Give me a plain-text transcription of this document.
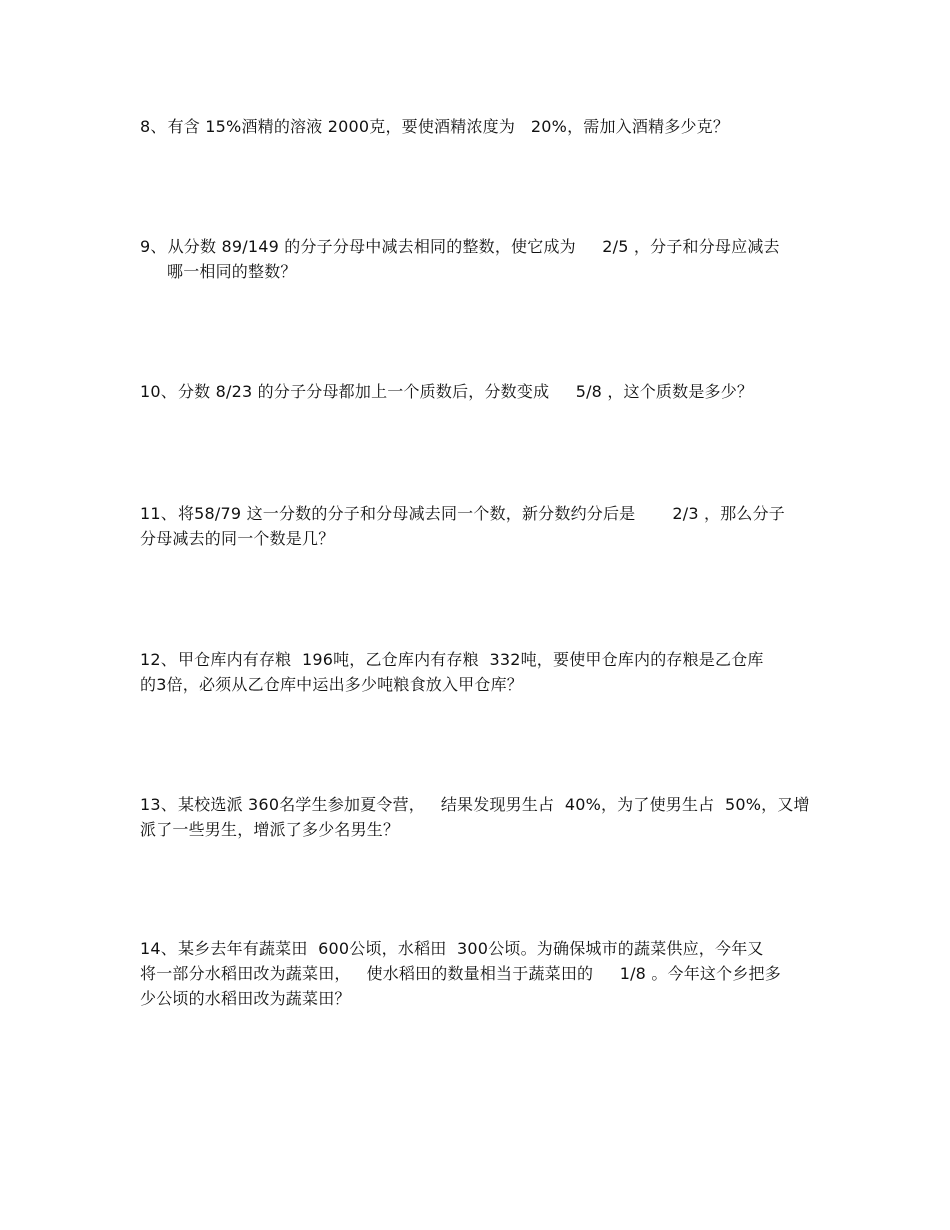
8、有含 15%酒精的溶液 2000克，要使酒精浓度为   20%，需加入酒精多少克？
9、从分数 89/149 的分子分母中减去相同的整数，使它成为     2/5 ，分子和分母应减去
哪一相同的整数？
10、分数 8/23 的分子分母都加上一个质数后，分数变成     5/8 ，这个质数是多少？
11、将58/79 这一分数的分子和分母减去同一个数，新分数约分后是       2/3 ，那么分子
分母减去的同一个数是几？
12、甲仓库内有存粮  196吨，乙仓库内有存粮  332吨，要使甲仓库内的存粮是乙仓库
的3倍，必须从乙仓库中运出多少吨粮食放入甲仓库？
13、某校选派 360名学生参加夏令营，   结果发现男生占  40%，为了使男生占  50%，又增
派了一些男生，增派了多少名男生？
14、某乡去年有蔬菜田  600公顷，水稻田  300公顷。为确保城市的蔬菜供应，今年又
将一部分水稻田改为蔬菜田，   使水稻田的数量相当于蔬菜田的     1/8 。今年这个乡把多
少公顷的水稻田改为蔬菜田？
